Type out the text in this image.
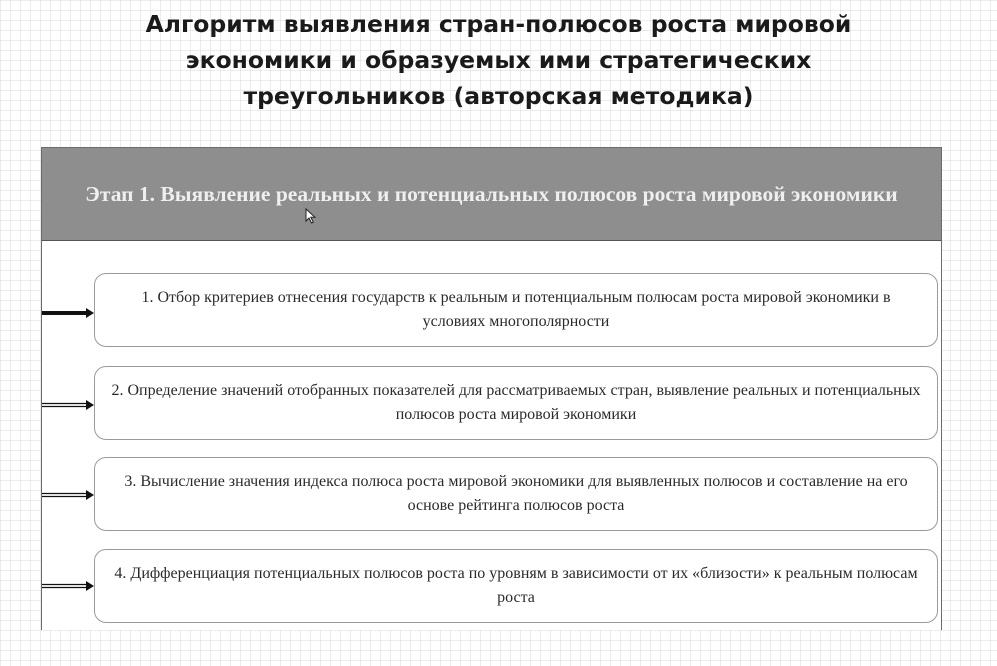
Алгоритм выявления стран-полюсов роста мировой
экономики и образуемых ими стратегических
треугольников (авторская методика)
Этап 1. Выявление реальных и потенциальных полюсов роста мировой экономики
1. Отбор критериев отнесения государств к реальным и потенциальным полюсам роста мировой экономики в условиях многополярности
2. Определение значений отобранных показателей для рассматриваемых стран, выявление реальных и потенциальных полюсов роста мировой экономики
3. Вычисление значения индекса полюса роста мировой экономики для выявленных полюсов и составление на его основе рейтинга полюсов роста
4. Дифференциация потенциальных полюсов роста по уровням в зависимости от их «близости» к реальным полюсам роста
